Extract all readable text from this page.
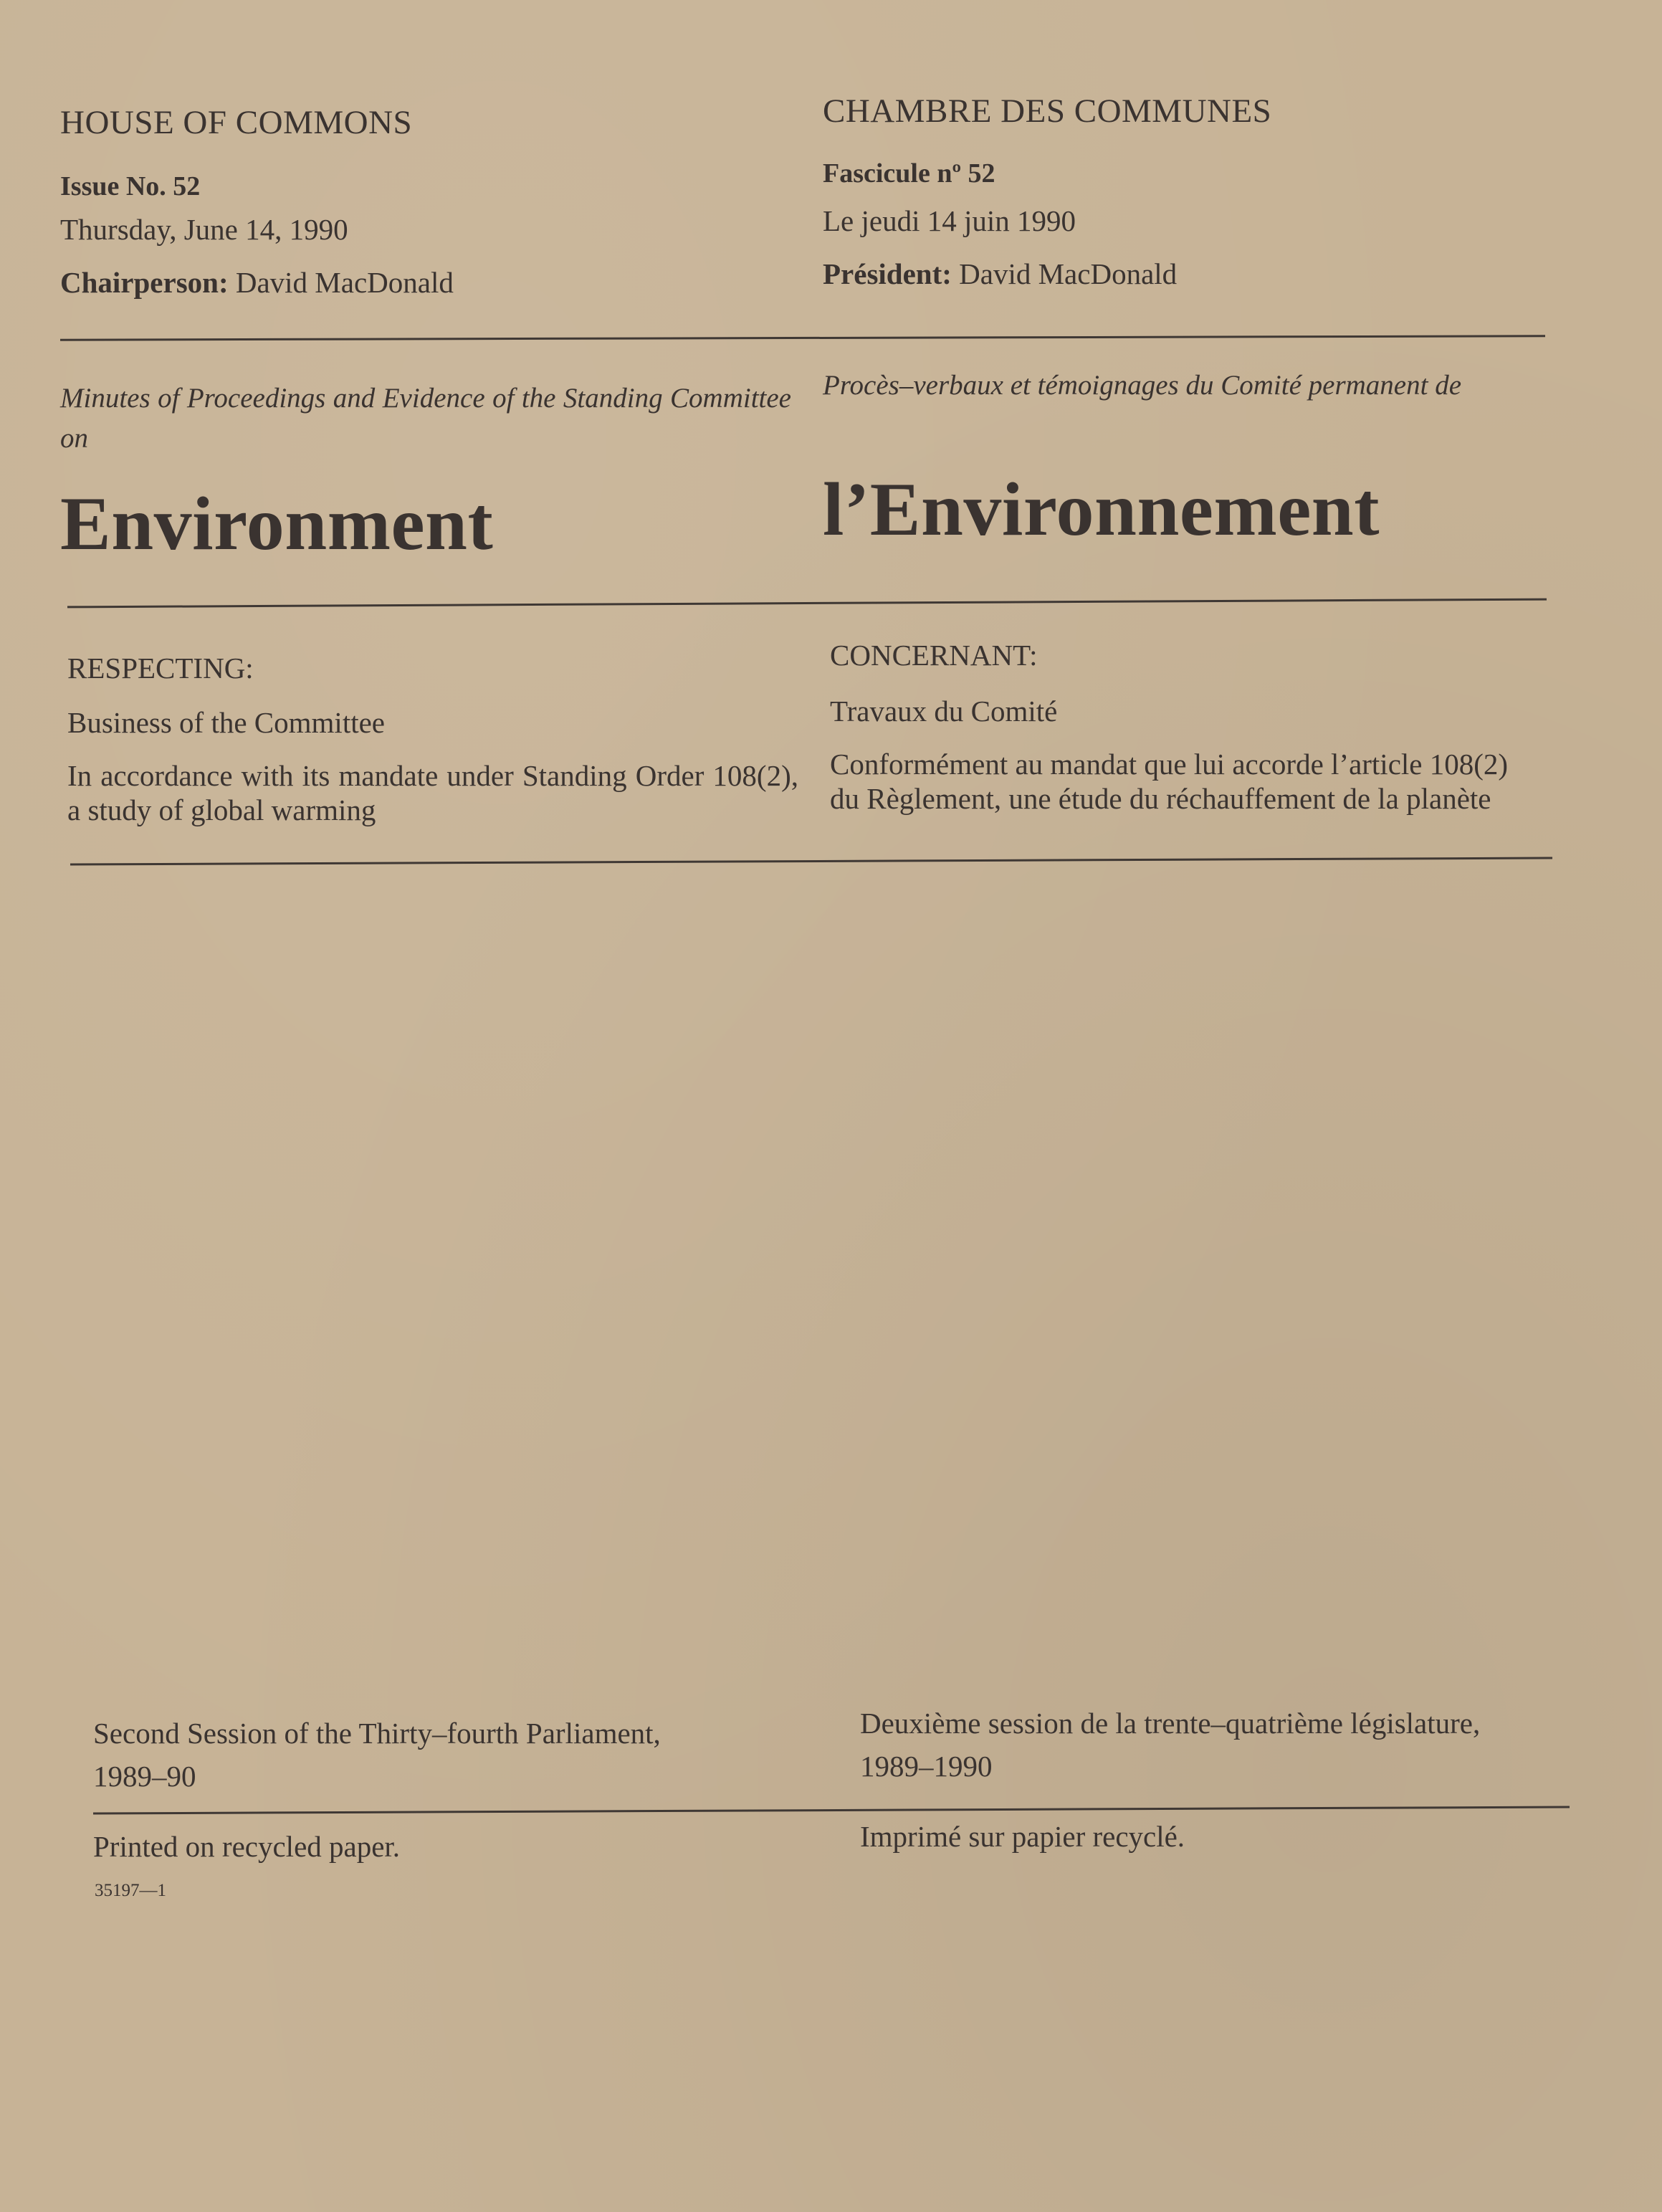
HOUSE OF COMMONS
Issue No. 52
Thursday, June 14, 1990
Chairperson: David MacDonald
CHAMBRE DES COMMUNES
Fascicule nº 52
Le jeudi 14 juin 1990
Président: David MacDonald
Minutes of Proceedings and Evidence of the Standing Committee on
Procès–verbaux et témoignages du Comité permanent de
Environment	l’Environnement
RESPECTING:
Business of the Committee
In accordance with its mandate under Standing Order 108(2), a study of global warming
CONCERNANT:
Travaux du Comité
Conformément au mandat que lui accorde l’article 108(2)
du Règlement, une étude du réchauffement de la planète
Second Session of the Thirty–fourth Parliament,
1989–90
Deuxième session de la trente–quatrième législature,
1989–1990
Printed on recycled paper.	Imprimé sur papier recyclé.
35197—1
